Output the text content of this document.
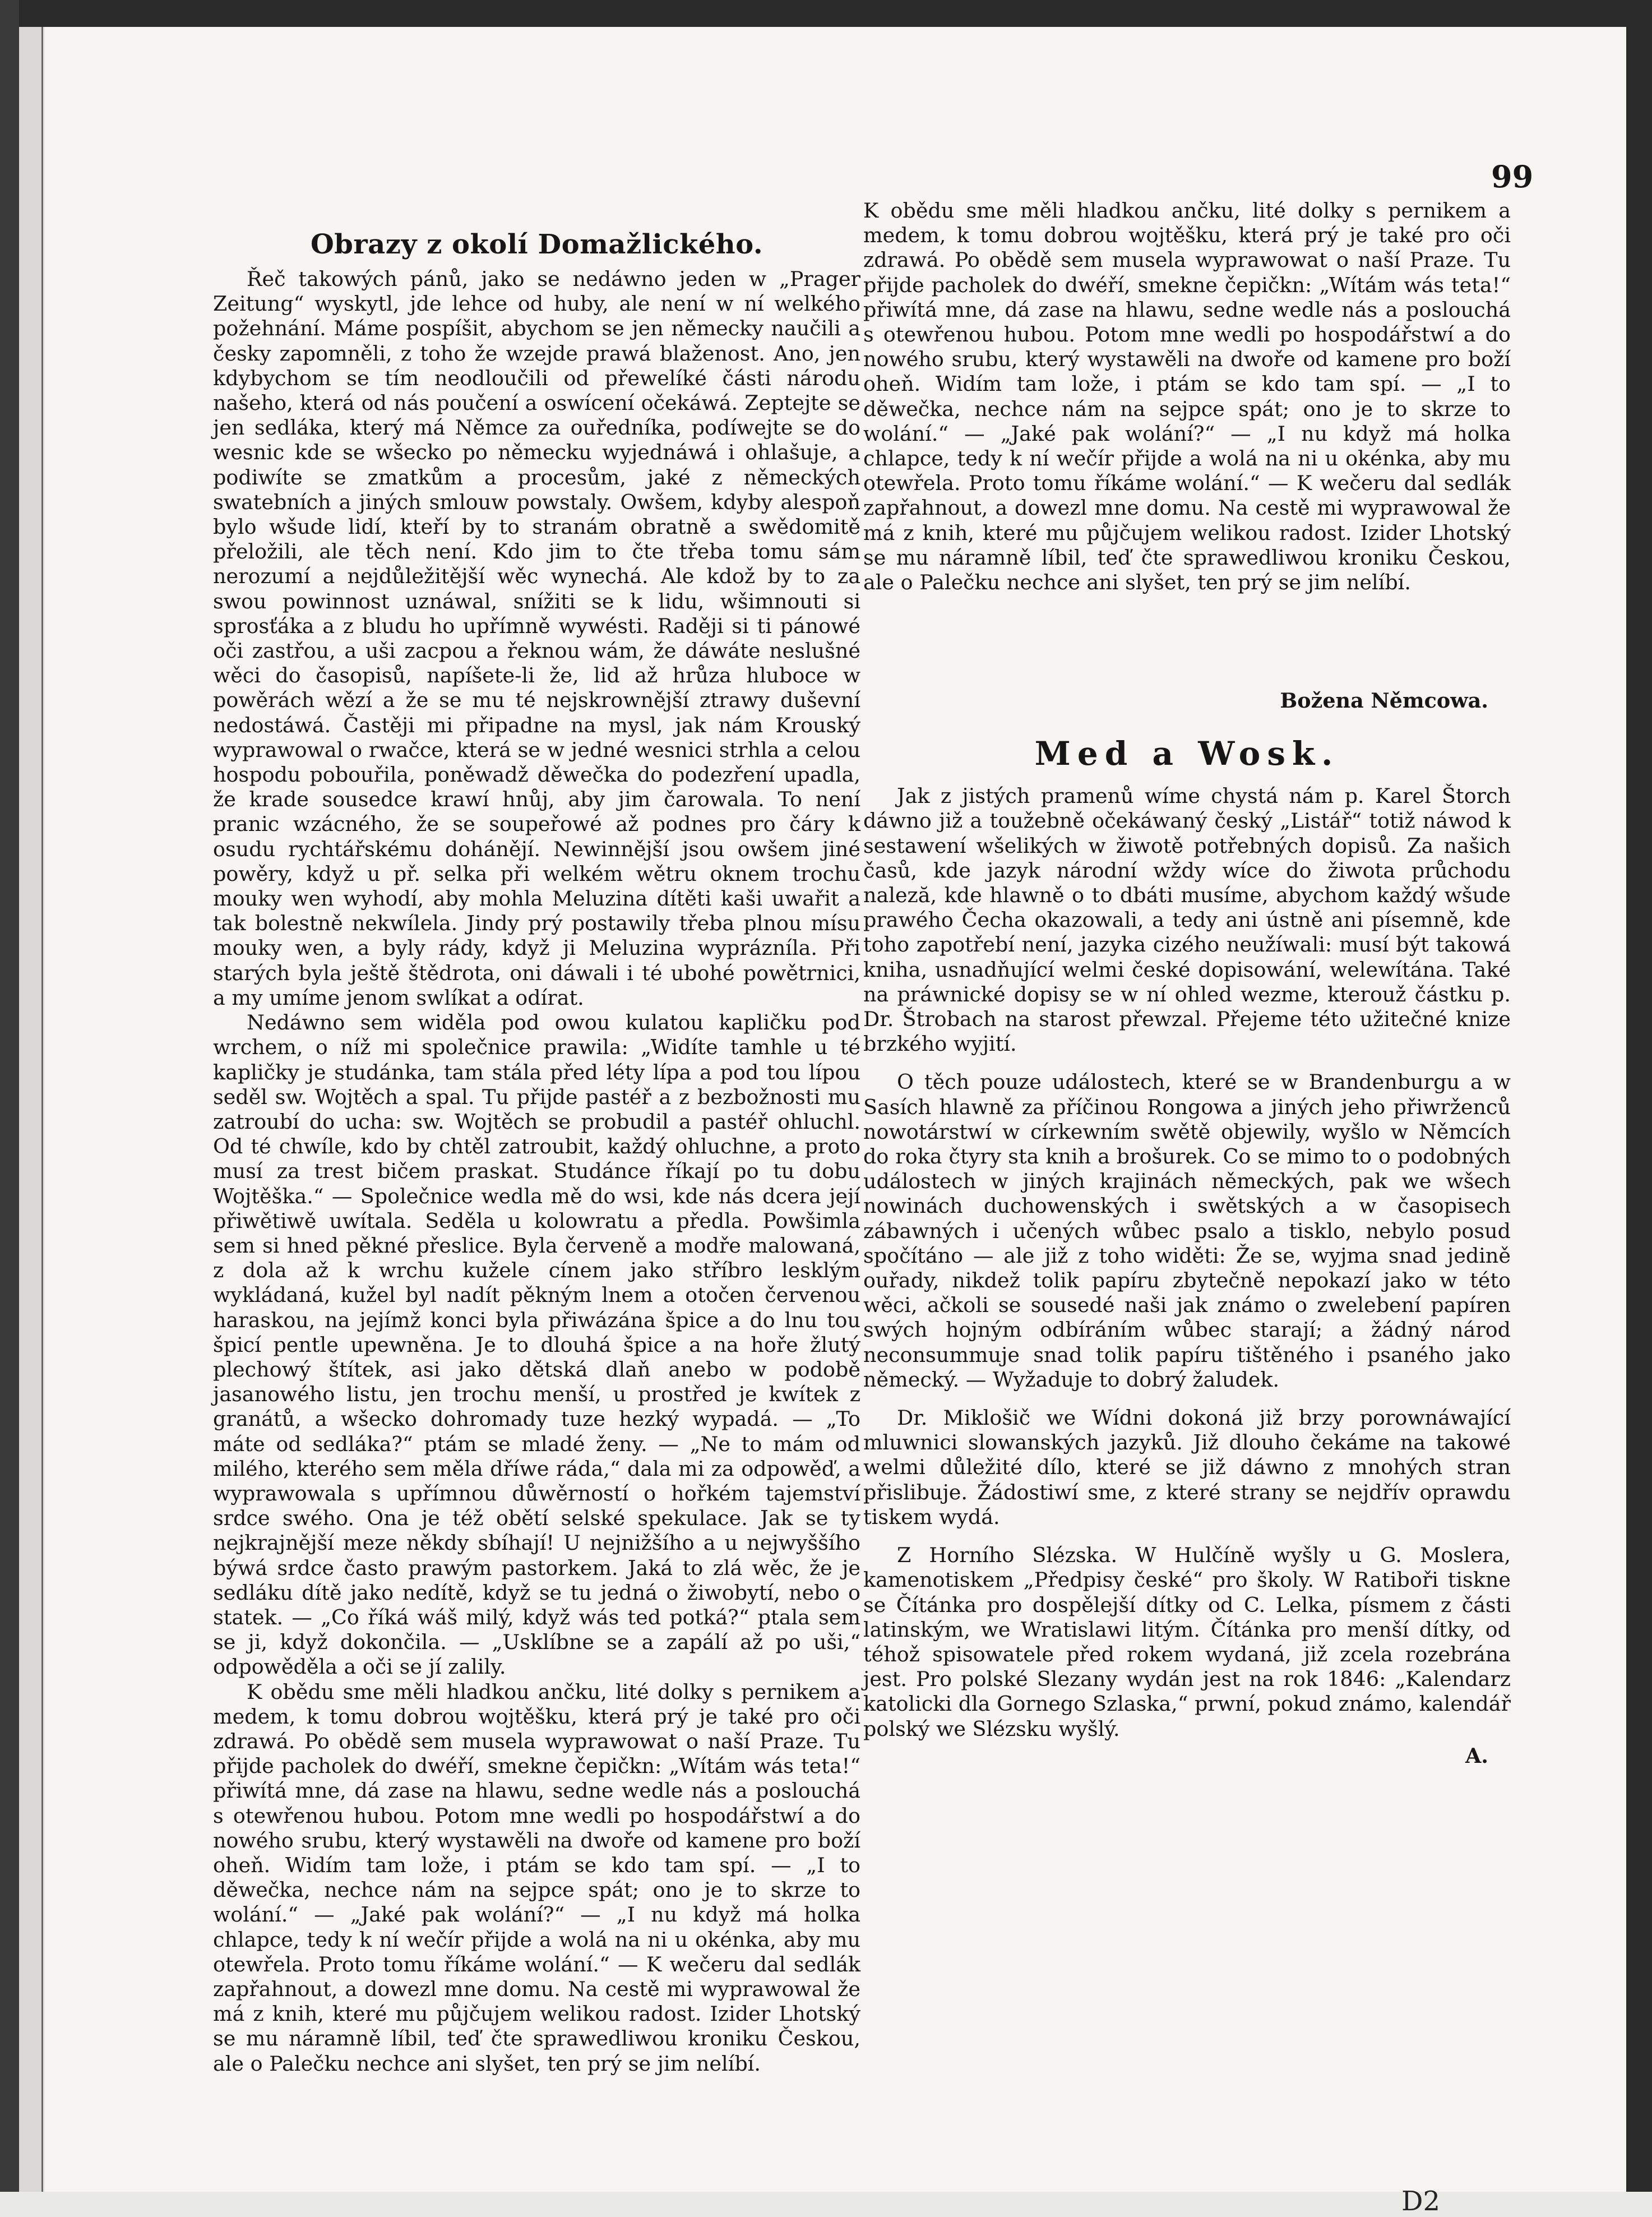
99
Obrazy z okolí Domažlického.

Řeč takowých pánů, jako se nedáwno jeden w „Prager Zeitung“ wyskytl, jde lehce od huby, ale není w ní welkého požehnání. Máme pospíšit, abychom se jen německy naučili a česky zapomněli, z toho že wzejde prawá blaženost. Ano, jen kdybychom se tím neodloučili od přewelíké části národu našeho, která od nás poučení a oswícení očekáwá. Zeptejte se jen sedláka, který má Němce za ouředníka, podíwejte se do wesnic kde se wšecko po německu wyjednáwá i ohlašuje, a podiwíte se zmatkům a procesům, jaké z německých swatebních a jiných smlouw powstaly. Owšem, kdyby alespoň bylo wšude lidí, kteří by to stranám obratně a swědomitě přeložili, ale těch není. Kdo jim to čte třeba tomu sám nerozumí a nejdůležitější wěc wynechá. Ale kdož by to za swou powinnost uznáwal, snížiti se k lidu, wšimnouti si sprosťáka a z bludu ho upřímně wywésti. Raději si ti pánowé oči zastřou, a uši zacpou a řeknou wám, že dáwáte neslušné wěci do časopisů, napíšete-li že, lid až hrůza hluboce w powěrách wězí a že se mu té nejskrownější ztrawy duševní nedostáwá. Častěji mi připadne na mysl, jak nám Krouský wyprawowal o rwačce, která se w jedné wesnici strhla a celou hospodu pobouřila, poněwadž děwečka do podezření upadla, že krade sousedce krawí hnůj, aby jim čarowala. To není pranic wzácného, že se soupeřowé až podnes pro čáry k osudu rychtářskému dohánějí. Newinnější jsou owšem jiné powěry, když u př. selka při welkém wětru oknem trochu mouky wen wyhodí, aby mohla Meluzina dítěti kaši uwařit a tak bolestně nekwílela. Jindy prý postawily třeba plnou mísu mouky wen, a byly rády, když ji Meluzina wyprázníla. Při starých byla ještě štědrota, oni dáwali i té ubohé powětrnici, a my umíme jenom swlíkat a odírat.

Nedáwno sem widěla pod owou kulatou kapličku pod wrchem, o níž mi společnice prawila: „Widíte tamhle u té kapličky je studánka, tam stála před léty lípa a pod tou lípou seděl sw. Wojtěch a spal. Tu přijde pastéř a z bezbožnosti mu zatroubí do ucha: sw. Wojtěch se probudil a pastéř ohluchl. Od té chwíle, kdo by chtěl zatroubit, každý ohluchne, a proto musí za trest bičem praskat. Studánce říkají po tu dobu Wojtěška.“ — Společnice wedla mě do wsi, kde nás dcera její přiwětiwě uwítala. Seděla u kolowratu a předla. Powšimla sem si hned pěkné přeslice. Byla červeně a modře malowaná, z dola až k wrchu kužele cínem jako stříbro lesklým wykládaná, kužel byl nadít pěkným lnem a otočen červenou haraskou, na jejímž konci byla přiwázána špice a do lnu tou špicí pentle upewněna. Je to dlouhá špice a na hoře žlutý plechowý štítek, asi jako dětská dlaň anebo w podobě jasanowého listu, jen trochu menší, u prostřed je kwítek z granátů, a wšecko dohromady tuze hezký wypadá. — „To máte od sedláka?“ ptám se mladé ženy. — „Ne to mám od milého, kterého sem měla dříwe ráda,“ dala mi za odpowěď, a wyprawowala s upřímnou důwěrností o hořkém tajemství srdce swého. Ona je též obětí selské spekulace. Jak se ty nejkrajnější meze někdy sbíhají! U nejnižšího a u nejwyššího býwá srdce často prawým pastorkem. Jaká to zlá wěc, že je sedláku dítě jako nedítě, když se tu jedná o žiwobytí, nebo o statek. — „Co říká wáš milý, když wás ted potká?“ ptala sem se ji, když dokončila. — „Usklíbne se a zapálí až po uši,“ odpowěděla a oči se jí zalily.

K obědu sme měli hladkou ančku, lité dolky s pernikem a medem, k tomu dobrou wojtěšku, která prý je také pro oči zdrawá. Po obědě sem musela wyprawowat o naší Praze. Tu přijde pacholek do dwéří, smekne čepičkn: „Wítám wás teta!“ přiwítá mne, dá zase na hlawu, sedne wedle nás a poslouchá s otewřenou hubou. Potom mne wedli po hospodářstwí a do nowého srubu, který wystawěli na dwoře od kamene pro boží oheň. Widím tam lože, i ptám se kdo tam spí. — „I to děwečka, nechce nám na sejpce spát; ono je to skrze to wolání.“ — „Jaké pak wolání?“ — „I nu když má holka chlapce, tedy k ní wečír přijde a wolá na ni u okénka, aby mu otewřela. Proto tomu říkáme wolání.“ — K wečeru dal sedlák zapřahnout, a dowezl mne domu. Na cestě mi wyprawowal že má z knih, které mu půjčujem welikou radost. Izider Lhotský se mu náramně líbil, teď čte sprawedliwou kroniku Českou, ale o Palečku nechce ani slyšet, ten prý se jim nelíbí.

K obědu sme měli hladkou ančku, lité dolky s pernikem a medem, k tomu dobrou wojtěšku, která prý je také pro oči zdrawá. Po obědě sem musela wyprawowat o naší Praze. Tu přijde pacholek do dwéří, smekne čepičkn: „Wítám wás teta!“ přiwítá mne, dá zase na hlawu, sedne wedle nás a poslouchá s otewřenou hubou. Potom mne wedli po hospodářstwí a do nowého srubu, který wystawěli na dwoře od kamene pro boží oheň. Widím tam lože, i ptám se kdo tam spí. — „I to děwečka, nechce nám na sejpce spát; ono je to skrze to wolání.“ — „Jaké pak wolání?“ — „I nu když má holka chlapce, tedy k ní wečír přijde a wolá na ni u okénka, aby mu otewřela. Proto tomu říkáme wolání.“ — K wečeru dal sedlák zapřahnout, a dowezl mne domu. Na cestě mi wyprawowal že má z knih, které mu půjčujem welikou radost. Izider Lhotský se mu náramně líbil, teď čte sprawedliwou kroniku Českou, ale o Palečku nechce ani slyšet, ten prý se jim nelíbí.

Božena Němcowa.
Med a Wosk.

Jak z jistých pramenů wíme chystá nám p. Karel Štorch dáwno již a toužebně očekáwaný český „Listář“ totiž náwod k sestawení wšelikých w žiwotě potřebných dopisů. Za našich časů, kde jazyk národní wždy wíce do žiwota průchodu naleză, kde hlawně o to dbáti musíme, abychom každý wšude prawého Čecha okazowali, a tedy ani ústně ani písemně, kde toho zapotřebí není, jazyka cizého neužíwali: musí být takowá kniha, usnadňující welmi české dopisowání, welewítána. Také na práwnické dopisy se w ní ohled wezme, kterouž částku p. Dr. Štrobach na starost přewzal. Přejeme této užitečné knize brzkého wyjití.

O těch pouze událostech, které se w Brandenburgu a w Sasích hlawně za příčinou Rongowa a jiných jeho přiwrženců nowotárstwí w církewním swětě objewily, wyšlo w Němcích do roka čtyry sta knih a brošurek. Co se mimo to o podobných událostech w jiných krajinách německých, pak we wšech nowinách duchowenských i swětských a w časopisech zábawných i učených wůbec psalo a tisklo, nebylo posud spočítáno — ale již z toho widěti: Že se, wyjma snad jedině ouřady, nikdež tolik papíru zbytečně nepokazí jako w této wěci, ačkoli se sousedé naši jak známo o zwelebení papíren swých hojným odbíráním wůbec starají; a žádný národ neconsummuje snad tolik papíru tištěného i psaného jako německý. — Wyžaduje to dobrý žaludek.

Dr. Miklošič we Wídni dokoná již brzy porownáwající mluwnici slowanských jazyků. Již dlouho čekáme na takowé welmi důležité dílo, které se již dáwno z mnohých stran přislibuje. Žádostiwí sme, z které strany se nejdřív oprawdu tiskem wydá.

Z Horního Slézska. W Hulčíně wyšly u G. Moslera, kamenotiskem „Předpisy české“ pro školy. W Ratiboři tiskne se Čítánka pro dospělejší dítky od C. Lelka, písmem z části latinským, we Wratislawi litým. Čítánka pro menší dítky, od téhož spisowatele před rokem wydaná, již zcela rozebrána jest. Pro polské Slezany wydán jest na rok 1846: „Kalendarz katolicki dla Gornego Szlaska,“ prwní, pokud známo, kalendář polský we Slézsku wyšlý.

A.
D2
